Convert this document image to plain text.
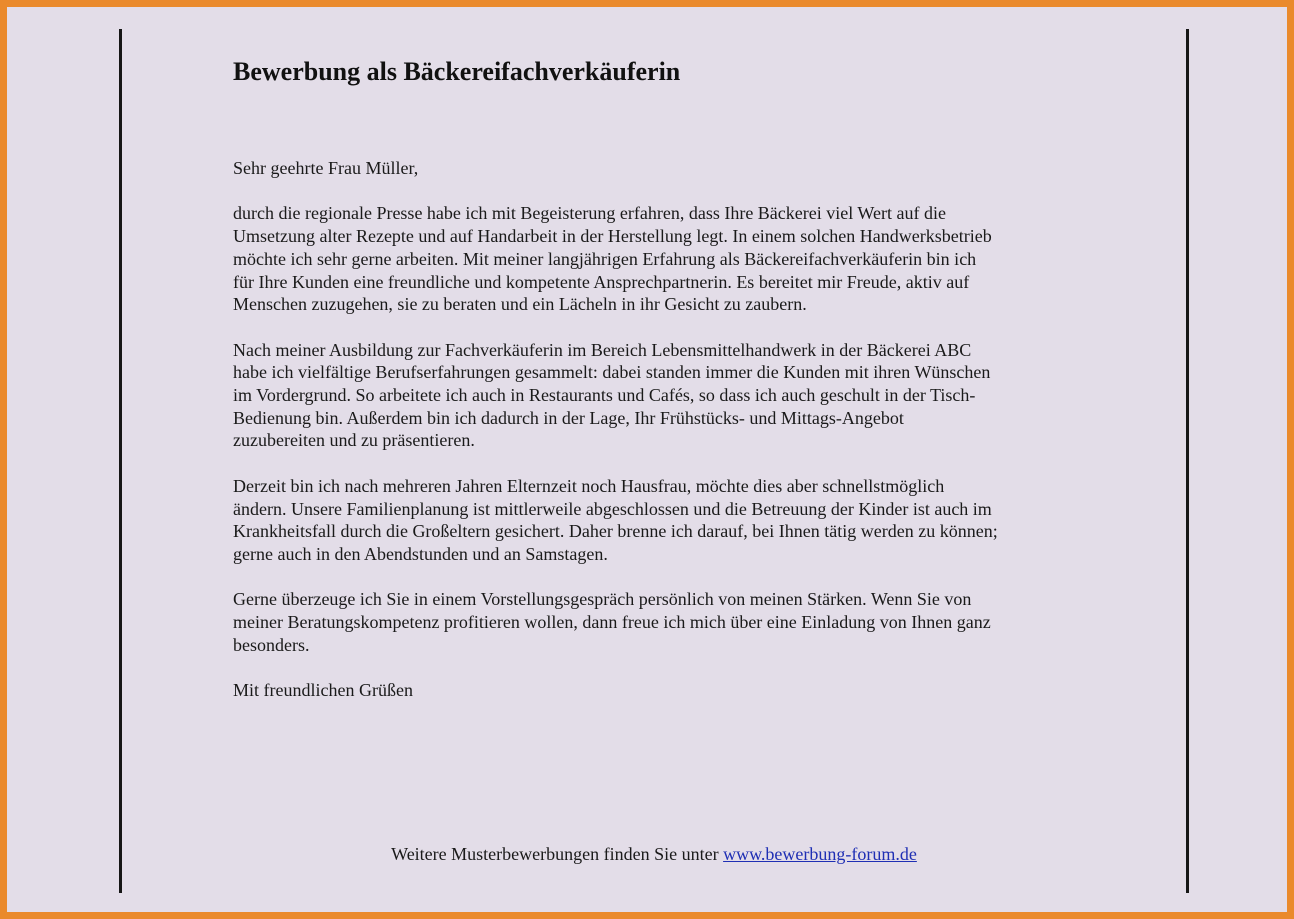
Bewerbung als Bäckereifachverkäuferin

Sehr geehrte Frau Müller,

durch die regionale Presse habe ich mit Begeisterung erfahren, dass Ihre Bäckerei viel Wert auf die
Umsetzung alter Rezepte und auf Handarbeit in der Herstellung legt. In einem solchen Handwerksbetrieb
möchte ich sehr gerne arbeiten. Mit meiner langjährigen Erfahrung als Bäckereifachverkäuferin bin ich
für Ihre Kunden eine freundliche und kompetente Ansprechpartnerin. Es bereitet mir Freude, aktiv auf
Menschen zuzugehen, sie zu beraten und ein Lächeln in ihr Gesicht zu zaubern.

Nach meiner Ausbildung zur Fachverkäuferin im Bereich Lebensmittelhandwerk in der Bäckerei ABC
habe ich vielfältige Berufserfahrungen gesammelt: dabei standen immer die Kunden mit ihren Wünschen
im Vordergrund. So arbeitete ich auch in Restaurants und Cafés, so dass ich auch geschult in der Tisch-
Bedienung bin. Außerdem bin ich dadurch in der Lage, Ihr Frühstücks- und Mittags-Angebot
zuzubereiten und zu präsentieren.

Derzeit bin ich nach mehreren Jahren Elternzeit noch Hausfrau, möchte dies aber schnellstmöglich
ändern. Unsere Familienplanung ist mittlerweile abgeschlossen und die Betreuung der Kinder ist auch im
Krankheitsfall durch die Großeltern gesichert. Daher brenne ich darauf, bei Ihnen tätig werden zu können;
gerne auch in den Abendstunden und an Samstagen.

Gerne überzeuge ich Sie in einem Vorstellungsgespräch persönlich von meinen Stärken. Wenn Sie von
meiner Beratungskompetenz profitieren wollen, dann freue ich mich über eine Einladung von Ihnen ganz
besonders.

Mit freundlichen Grüßen

Weitere Musterbewerbungen finden Sie unter www.bewerbung-forum.de
